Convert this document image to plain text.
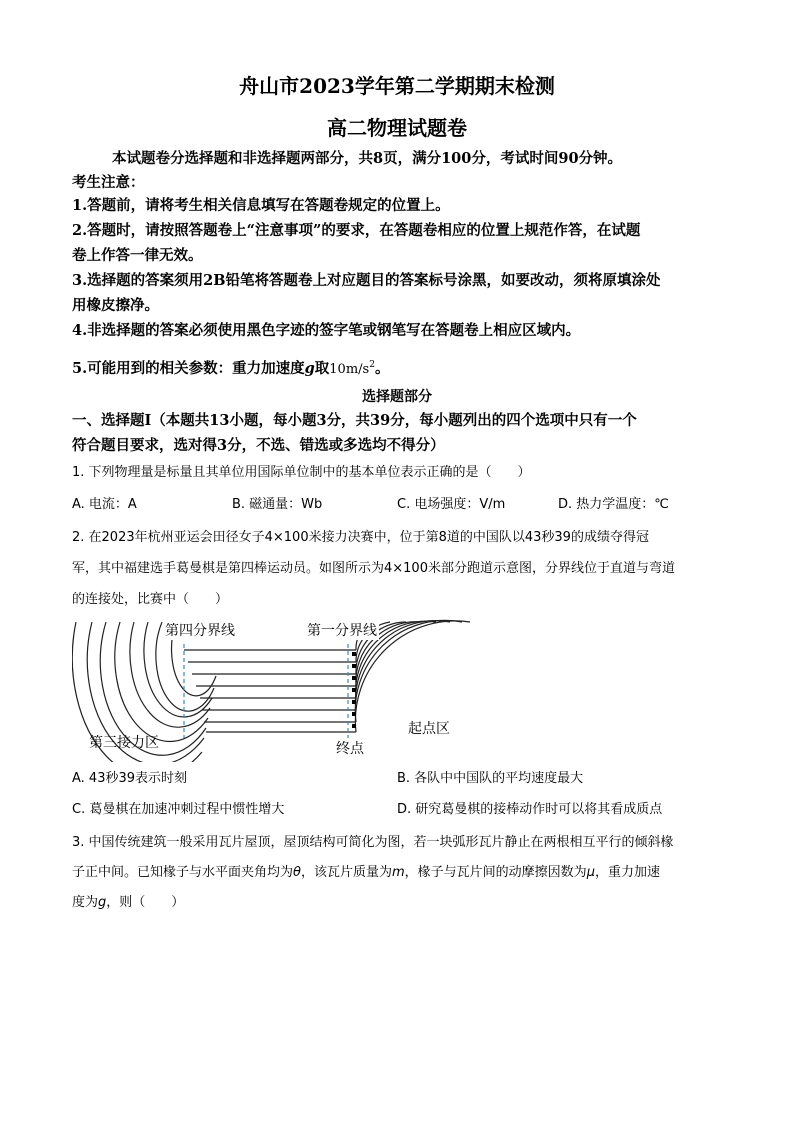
舟山市2023学年第二学期期末检测
高二物理试题卷
本试题卷分选择题和非选择题两部分，共8页，满分100分，考试时间90分钟。
考生注意：
1.答题前，请将考生相关信息填写在答题卷规定的位置上。
2.答题时，请按照答题卷上“注意事项”的要求，在答题卷相应的位置上规范作答，在试题
卷上作答一律无效。
3.选择题的答案须用2B铅笔将答题卷上对应题目的答案标号涂黑，如要改动，须将原填涂处
用橡皮擦净。
4.非选择题的答案必须使用黑色字迹的签字笔或钢笔写在答题卷上相应区域内。
5.可能用到的相关参数：重力加速度g取$10m/s^2$。
选择题部分
一、选择题Ⅰ（本题共13小题，每小题3分，共39分，每小题列出的四个选项中只有一个
符合题目要求，选对得3分，不选、错选或多选均不得分）
1. 下列物理量是标量且其单位用国际单位制中的基本单位表示正确的是（　　）
A. 电流：A	B. 磁通量：Wb	C. 电场强度：V/m	D. 热力学温度：℃
2. 在2023年杭州亚运会田径女子4×100米接力决赛中，位于第8道的中国队以43秒39的成绩夺得冠
军，其中福建选手葛曼棋是第四棒运动员。如图所示为4×100米部分跑道示意图，分界线位于直道与弯道
的连接处，比赛中（　　）
第四分界线	第一分界线
第三接力区	终点
起点区
A. 43秒39表示时刻	B. 各队中中国队的平均速度最大
C. 葛曼棋在加速冲刺过程中惯性增大	D. 研究葛曼棋的接棒动作时可以将其看成质点
3. 中国传统建筑一般采用瓦片屋顶，屋顶结构可简化为图，若一块弧形瓦片静止在两根相互平行的倾斜椽
子正中间。已知椽子与水平面夹角均为θ，该瓦片质量为m，椽子与瓦片间的动摩擦因数为μ，重力加速
度为g，则（　　）
